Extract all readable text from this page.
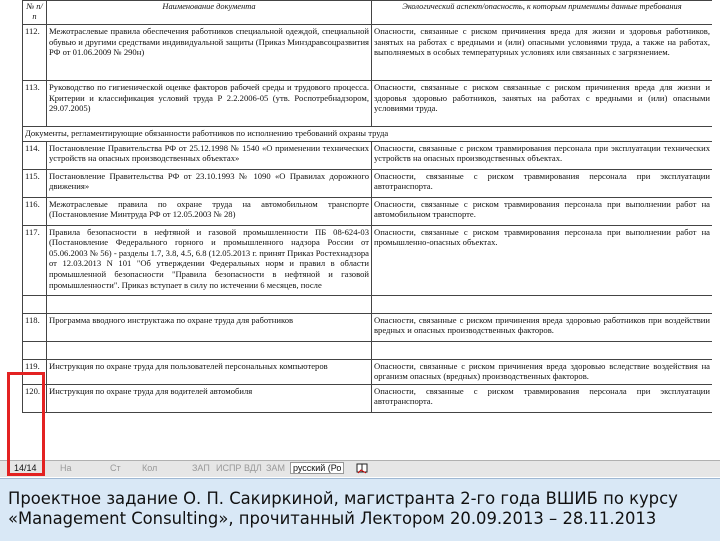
№ п/п	Наименование документа	Экологический аспект/опасность, к которым применимы данные требования
112.	Межотраслевые правила обеспечения работников специальной одеждой, специальной обувью и другими средствами индивидуальной защиты (Приказ Минздравсоцразвития РФ от 01.06.2009 № 290н)	Опасности, связанные с риском причинения вреда для жизни и здоровья работников, занятых на работах с вредными и (или) опасными условиями труда, а также на работах, выполняемых в особых температурных условиях или связанных с загрязнением.
113.	Руководство по гигиенической оценке факторов рабочей среды и трудового процесса. Критерии и классификация условий труда Р 2.2.2006-05 (утв. Роспотребнадзором, 29.07.2005)	Опасности, связанные с риском связанные с риском причинения вреда для жизни и здоровья здоровью работников, занятых на работах с вредными и (или) опасными условиями труда.
Документы, регламентирующие обязанности работников по исполнению требований охраны труда		
114.	Постановление Правительства РФ от 25.12.1998 № 1540 «О применении технических устройств на опасных производственных объектах»	Опасности, связанные с риском травмирования персонала при эксплуатации технических устройств на опасных производственных объектах.
115.	Постановление Правительства РФ от 23.10.1993 № 1090 «О Правилах дорожного движения»	Опасности, связанные с риском травмирования персонала при эксплуатации автотранспорта.
116.	Межотраслевые правила по охране труда на автомобильном транспорте (Постановление Минтруда РФ от 12.05.2003 № 28)	Опасности, связанные с риском травмирования персонала при выполнении работ на автомобильном транспорте.
117.	Правила безопасности в нефтяной и газовой промышленности ПБ 08-624-03 (Постановление Федерального горного и промышленного надзора России от 05.06.2003 № 56) - разделы 1.7, 3.8, 4.5, 6.8 (12.05.2013 г. принят Приказ Ростехнадзора от 12.03.2013 N 101 "Об утверждении Федеральных норм и правил в области промышленной безопасности "Правила безопасности в нефтяной и газовой промышленности". Приказ вступает в силу по истечении 6 месяцев, после	Опасности, связанные с риском травмирования персонала при выполнении работ на промышленно-опасных объектах.

118.	Программа вводного инструктажа по охране труда для работников	Опасности, связанные с риском причинения вреда здоровью работников при воздействии вредных и опасных производственных факторов.

119.	Инструкция по охране труда для пользователей персональных компьютеров	Опасности, связанные с риском причинения вреда здоровью вследствие воздействия на организм опасных (вредных) производственных факторов.
120.	Инструкция по охране труда для водителей автомобиля	Опасности, связанные с риском травмирования персонала при эксплуатации автотранспорта.
14/14	На	Ст Кол	ЗАП ИСПР ВДЛ ЗАМ русский (Ро

Проектное задание О. П. Сакиркиной, магистранта 2-го года ВШИБ по курсу «Management Consulting», прочитанный Лектором 20.09.2013 – 28.11.2013
